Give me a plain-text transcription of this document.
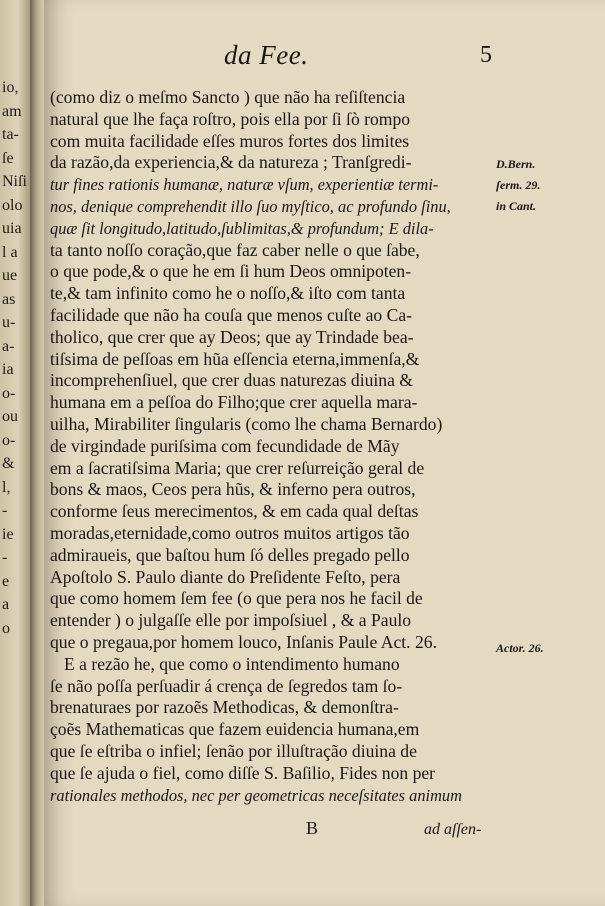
io,
am
ta-
ſe
Niſi
olo
uia
l a
ue
as
u-
a-
ia
o-
ou
o-
&
l,
-
ie
-
e
a
o
da Fee.	5
(como diz o meſmo Sancto ) que não ha reſiſtencia
natural que lhe faça roſtro, pois ella por ſi ſò rompo
com muita facilidade eſſes muros fortes dos limites
da razão,da experiencia,& da natureza ; Tranſgredi-
tur fines rationis humanæ, naturæ vſum, experientiæ termi-
nos, denique comprehendit illo ſuo myſtico, ac profundo ſinu,
quæ ſit longitudo,latitudo,ſublimitas,& profundum; E dila-
ta tanto noſſo coração,que faz caber nelle o que ſabe,
o que pode,& o que he em ſi hum Deos omnipoten-
te,& tam infinito como he o noſſo,& iſto com tanta
facilidade que não ha couſa que menos cuſte ao Ca-
tholico, que crer que ay Deos; que ay Trindade bea-
tiſsima de peſſoas em hũa eſſencia eterna,immenſa,&
incomprehenſiuel, que crer duas naturezas diuina &
humana em a peſſoa do Filho;que crer aquella mara-
uilha, Mirabiliter ſingularis (como lhe chama Bernardo)
de virgindade puriſsima com fecundidade de Mãy
em a ſacratiſsima Maria; que crer reſurreição geral de
bons & maos, Ceos pera hũs, & inferno pera outros,
conforme ſeus merecimentos, & em cada qual deſtas
moradas,eternidade,como outros muitos artigos tão
admiraueis, que baſtou hum ſó delles pregado pello
Apoſtolo S. Paulo diante do Preſidente Feſto, pera
que como homem ſem fee (o que pera nos he facil de
entender ) o julgaſſe elle por impoſsiuel , & a Paulo
que o pregaua,por homem louco, Inſanis Paule Act. 26.
E a rezão he, que como o intendimento humano
ſe não poſſa perſuadir á crença de ſegredos tam ſo-
brenaturaes por razoẽs Methodicas, & demonſtra-
çoẽs Mathematicas que fazem euidencia humana,em
que ſe eſtriba o infiel; ſenão por illuſtração diuina de
que ſe ajuda o fiel, como diſſe S. Baſilio, Fides non per
rationales methodos, nec per geometricas neceſsitates animum
D.Bern.
ſerm. 29.
in Cant.
Actor. 26.
B	ad aſſen-
